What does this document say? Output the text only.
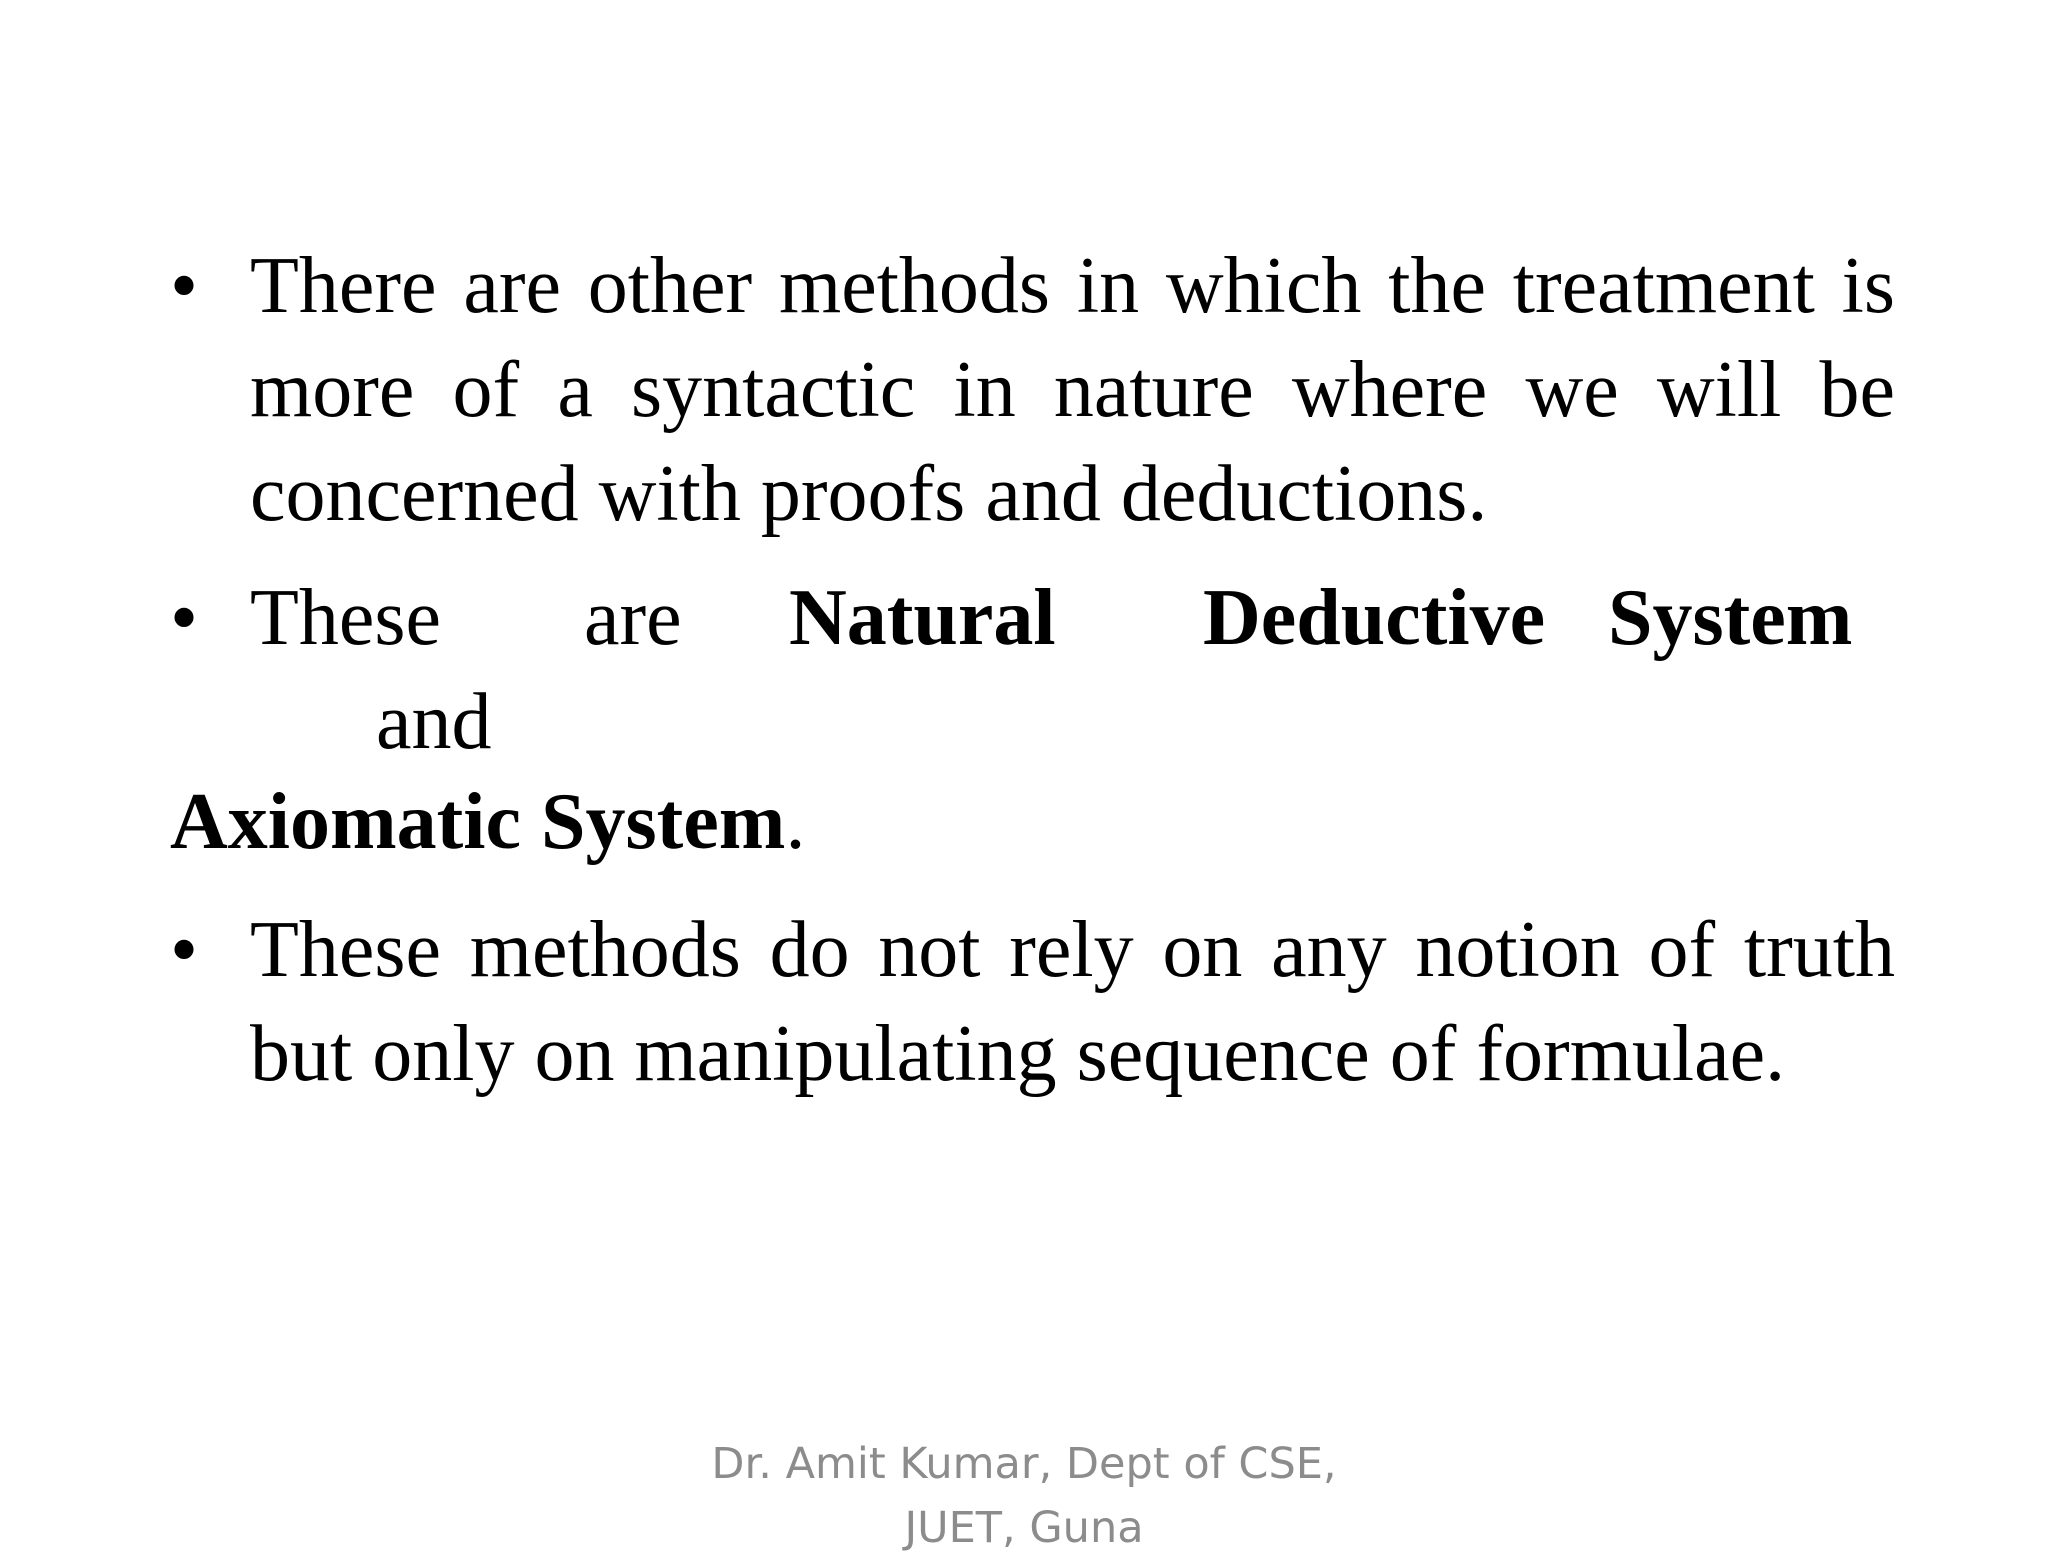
• There are other methods in which the treatment is more of a syntactic in nature where we will be concerned with proofs and deductions.
• These are Natural Deductive System
and
Axiomatic System.
• These methods do not rely on any notion of truth but only on manipulating sequence of formulae.
Dr. Amit Kumar, Dept of CSE,
JUET, Guna
